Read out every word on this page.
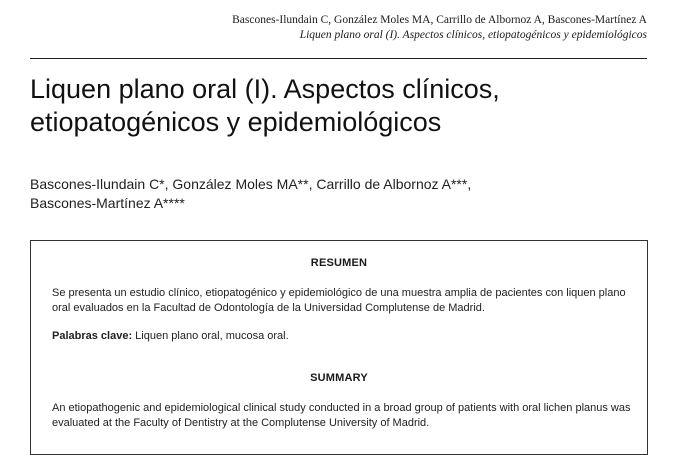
Bascones-Ilundain C, González Moles MA, Carrillo de Albornoz A, Bascones-Martínez A
Liquen plano oral (I). Aspectos clínicos, etiopatogénicos y epidemiológicos
Liquen plano oral (I). Aspectos clínicos,
etiopatogénicos y epidemiológicos
Bascones-Ilundain C*, González Moles MA**, Carrillo de Albornoz A***,
Bascones-Martínez A****
RESUMEN
Se presenta un estudio clínico, etiopatogénico y epidemiológico de una muestra amplia de pacientes con liquen plano oral evaluados en la Facultad de Odontología de la Universidad Complutense de Madrid.
Palabras clave: Liquen plano oral, mucosa oral.
SUMMARY
An etiopathogenic and epidemiological clinical study conducted in a broad group of patients with oral lichen planus was evaluated at the Faculty of Dentistry at the Complutense University of Madrid.
